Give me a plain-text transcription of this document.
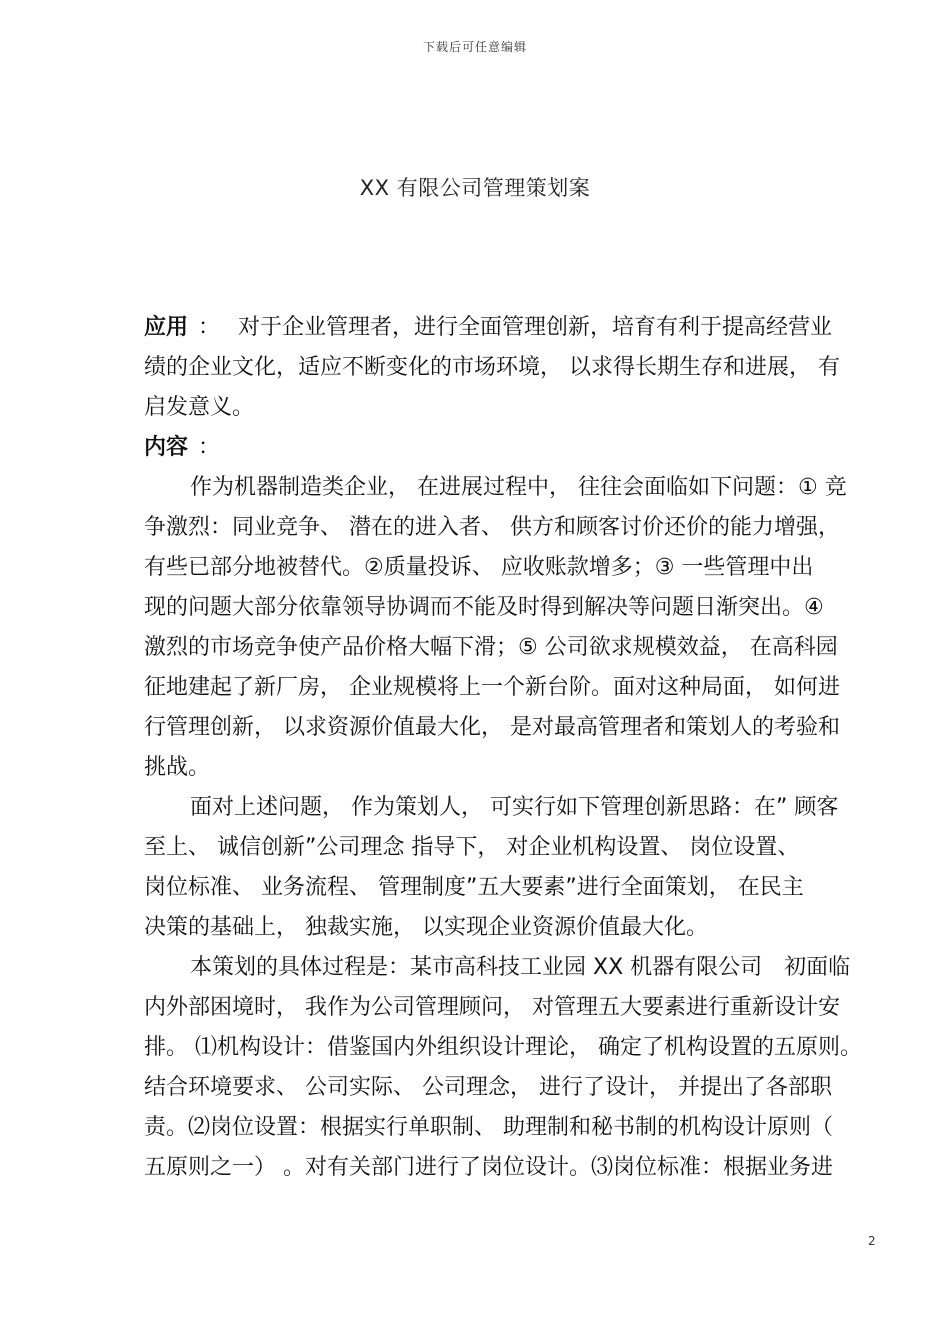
下载后可任意编辑
XX 有限公司管理策划案
应用 ： 对于企业管理者，进行全面管理创新，培育有利于提高经营业
绩的企业文化，适应不断变化的市场环境， 以求得长期生存和进展， 有
启发意义。
内容 ：
作为机器制造类企业， 在进展过程中， 往往会面临如下问题：① 竞
争激烈：同业竞争、 潜在的进入者、 供方和顾客讨价还价的能力增强，
有些已部分地被替代。②质量投诉、 应收账款增多；③ 一些管理中出
现的问题大部分依靠领导协调而不能及时得到解决等问题日渐突出。④
激烈的市场竞争使产品价格大幅下滑；⑤ 公司欲求规模效益， 在高科园
征地建起了新厂房， 企业规模将上一个新台阶。面对这种局面， 如何进
行管理创新， 以求资源价值最大化， 是对最高管理者和策划人的考验和
挑战。
面对上述问题， 作为策划人， 可实行如下管理创新思路：在” 顾客
至上、 诚信创新”公司理念 指导下， 对企业机构设置、 岗位设置、
岗位标准、 业务流程、 管理制度”五大要素”进行全面策划， 在民主
决策的基础上， 独裁实施， 以实现企业资源价值最大化。
本策划的具体过程是：某市高科技工业园 XX 机器有限公司　初面临
内外部困境时， 我作为公司管理顾问， 对管理五大要素进行重新设计安
排。 ⑴机构设计：借鉴国内外组织设计理论， 确定了机构设置的五原则。
结合环境要求、 公司实际、 公司理念， 进行了设计， 并提出了各部职
责。⑵岗位设置：根据实行单职制、 助理制和秘书制的机构设计原则（
五原则之一） 。对有关部门进行了岗位设计。⑶岗位标准：根据业务进
2
